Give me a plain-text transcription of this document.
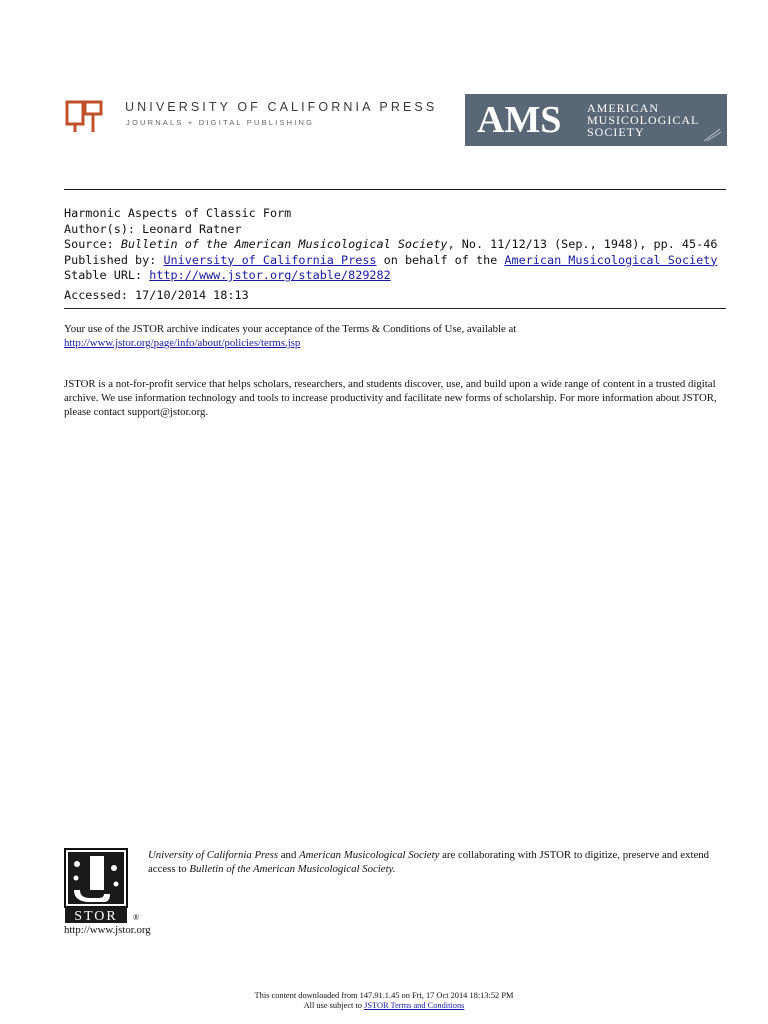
UNIVERSITY OF CALIFORNIA PRESS
JOURNALS + DIGITAL PUBLISHING	AMS AMERICAN
MUSICOLOGICAL
SOCIETY
Harmonic Aspects of Classic Form
Author(s): Leonard Ratner
Source: Bulletin of the American Musicological Society, No. 11/12/13 (Sep., 1948), pp. 45-46
Published by: University of California Press on behalf of the American Musicological Society
Stable URL: http://www.jstor.org/stable/829282
Accessed: 17/10/2014 18:13
Your use of the JSTOR archive indicates your acceptance of the Terms & Conditions of Use, available at
http://www.jstor.org/page/info/about/policies/terms.jsp
JSTOR is a not-for-profit service that helps scholars, researchers, and students discover, use, and build upon a wide range of content in a trusted digital archive. We use information technology and tools to increase productivity and facilitate new forms of scholarship. For more information about JSTOR, please contact support@jstor.org.
STOR ®
http://www.jstor.org
University of California Press and American Musicological Society are collaborating with JSTOR to digitize, preserve and extend access to Bulletin of the American Musicological Society.
This content downloaded from 147.91.1.45 on Fri, 17 Oct 2014 18:13:52 PM
All use subject to JSTOR Terms and Conditions
